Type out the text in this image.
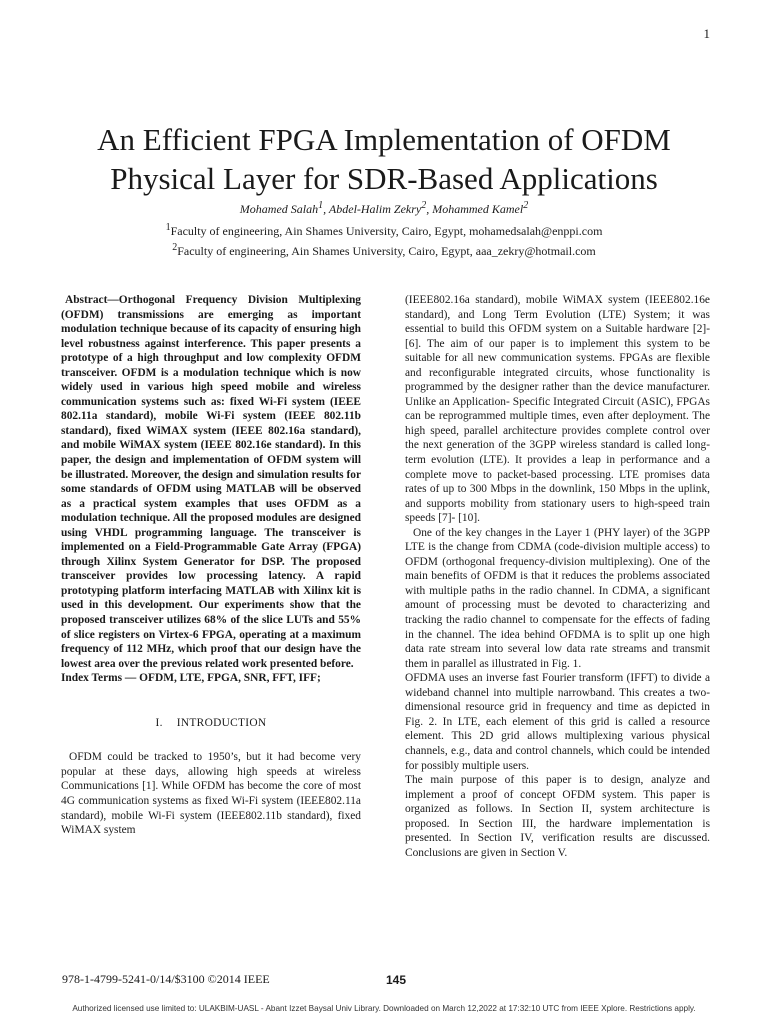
1
An Efficient FPGA Implementation of OFDM
Physical Layer for SDR-Based Applications
Mohamed Salah$^1$, Abdel-Halim Zekry$^2$, Mohammed Kamel$^2$
$^1$Faculty of engineering, Ain Shames University, Cairo, Egypt, mohamedsalah@enppi.com
$^2$Faculty of engineering, Ain Shames University, Cairo, Egypt, aaa_zekry@hotmail.com

Abstract—Orthogonal Frequency Division Multiplexing (OFDM) transmissions are emerging as important modulation technique because of its capacity of ensuring high level robustness against interference. This paper presents a prototype of a high throughput and low complexity OFDM transceiver. OFDM is a modulation technique which is now widely used in various high speed mobile and wireless communication systems such as: fixed Wi-Fi system (IEEE 802.11a standard), mobile Wi-Fi system (IEEE 802.11b standard), fixed WiMAX system (IEEE 802.16a standard), and mobile WiMAX system (IEEE 802.16e standard). In this paper, the design and implementation of OFDM system will be illustrated. Moreover, the design and simulation results for some standards of OFDM using MATLAB will be observed as a practical system examples that uses OFDM as a modulation technique. All the proposed modules are designed using VHDL programming language. The transceiver is implemented on a Field-Programmable Gate Array (FPGA) through Xilinx System Generator for DSP. The proposed transceiver provides low processing latency. A rapid prototyping platform interfacing MATLAB with Xilinx kit is used in this development. Our experiments show that the proposed transceiver utilizes 68% of the slice LUTs and 55% of slice registers on Virtex-6 FPGA, operating at a maximum frequency of 112 MHz, which proof that our design have the lowest area over the previous related work presented before.

Index Terms — OFDM, LTE, FPGA, SNR, FFT, IFF;

I. INTRODUCTION

OFDM could be tracked to 1950’s, but it had become very popular at these days, allowing high speeds at wireless Communications [1]. While OFDM has become the core of most 4G communication systems as fixed Wi-Fi system (IEEE802.11a standard), mobile Wi-Fi system (IEEE802.11b standard), fixed WiMAX system

(IEEE802.16a standard), mobile WiMAX system (IEEE802.16e standard), and Long Term Evolution (LTE) System; it was essential to build this OFDM system on a Suitable hardware [2]- [6]. The aim of our paper is to implement this system to be suitable for all new communication systems. FPGAs are flexible and reconfigurable integrated circuits, whose functionality is programmed by the designer rather than the device manufacturer. Unlike an Application- Specific Integrated Circuit (ASIC), FPGAs can be reprogrammed multiple times, even after deployment. The high speed, parallel architecture provides complete control over the next generation of the 3GPP wireless standard is called long-term evolution (LTE). It provides a leap in performance and a complete move to packet-based processing. LTE promises data rates of up to 300 Mbps in the downlink, 150 Mbps in the uplink, and supports mobility from stationary users to high-speed train speeds [7]- [10].

One of the key changes in the Layer 1 (PHY layer) of the 3GPP LTE is the change from CDMA (code-division multiple access) to OFDM (orthogonal frequency-division multiplexing). One of the main benefits of OFDM is that it reduces the problems associated with multiple paths in the radio channel. In CDMA, a significant amount of processing must be devoted to characterizing and tracking the radio channel to compensate for the effects of fading in the channel. The idea behind OFDMA is to split up one high data rate stream into several low data rate streams and transmit them in parallel as illustrated in Fig. 1.

OFDMA uses an inverse fast Fourier transform (IFFT) to divide a wideband channel into multiple narrowband. This creates a two-dimensional resource grid in frequency and time as depicted in Fig. 2. In LTE, each element of this grid is called a resource element. This 2D grid allows multiplexing various physical channels, e.g., data and control channels, which could be intended for possibly multiple users.

The main purpose of this paper is to design, analyze and implement a proof of concept OFDM system. This paper is organized as follows. In Section II, system architecture is proposed. In Section III, the hardware implementation is presented. In Section IV, verification results are discussed. Conclusions are given in Section V.

978-1-4799-5241-0/14/$3100 ©2014 IEEE	145
Authorized licensed use limited to: ULAKBIM-UASL - Abant Izzet Baysal Univ Library. Downloaded on March 12,2022 at 17:32:10 UTC from IEEE Xplore. Restrictions apply.
